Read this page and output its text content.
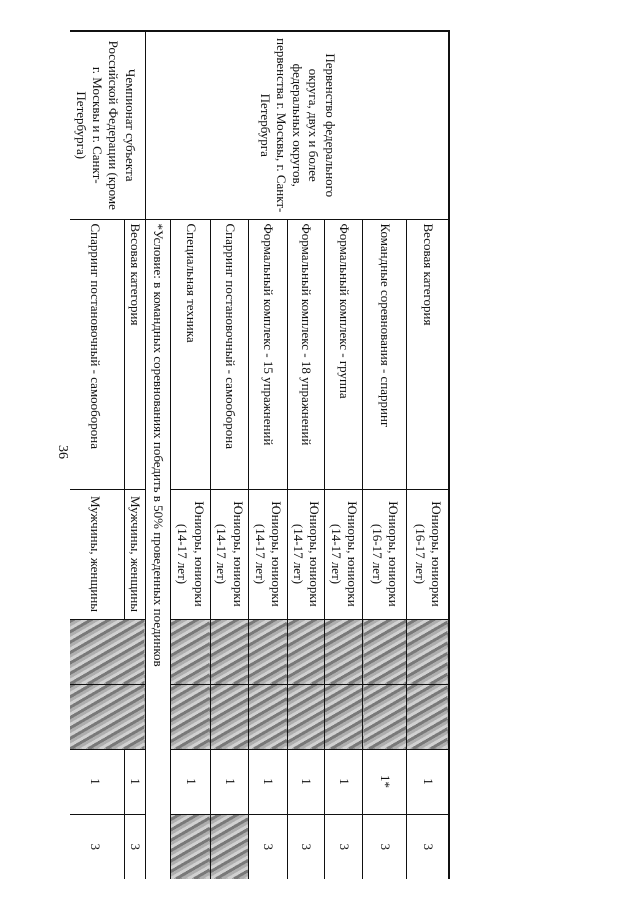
36
Первенство федерального округа, двух и более федеральных округов, первенства г. Москвы, г. Санкт-Петербурга	Весовая категория	Юниоры, юниорки (16-17 лет)			1	3
	Командные соревнования - спарринг	Юниоры, юниорки (16-17 лет)			1*	3
	Формальный комплекс - группа	Юниоры, юниорки (14-17 лет)			1	3
	Формальный комплекс - 18 упражнений	Юниоры, юниорки (14-17 лет)			1	3
	Формальный комплекс - 15 упражнений	Юниоры, юниорки (14-17 лет)			1	3
	Спарринг постановочный - самооборона	Юниоры, юниорки (14-17 лет)			1	
	Специальная техника	Юниоры, юниорки (14-17 лет)			1	
	*Условие: в командных соревнованиях победить в 50% проведенных поединков					
Чемпионат субъекта Российской Федерации (кроме г. Москвы и г. Санкт-Петербурга)	Весовая категория	Мужчины, женщины			1	3
	Спарринг постановочный - самооборона	Мужчины, женщины			1	3
